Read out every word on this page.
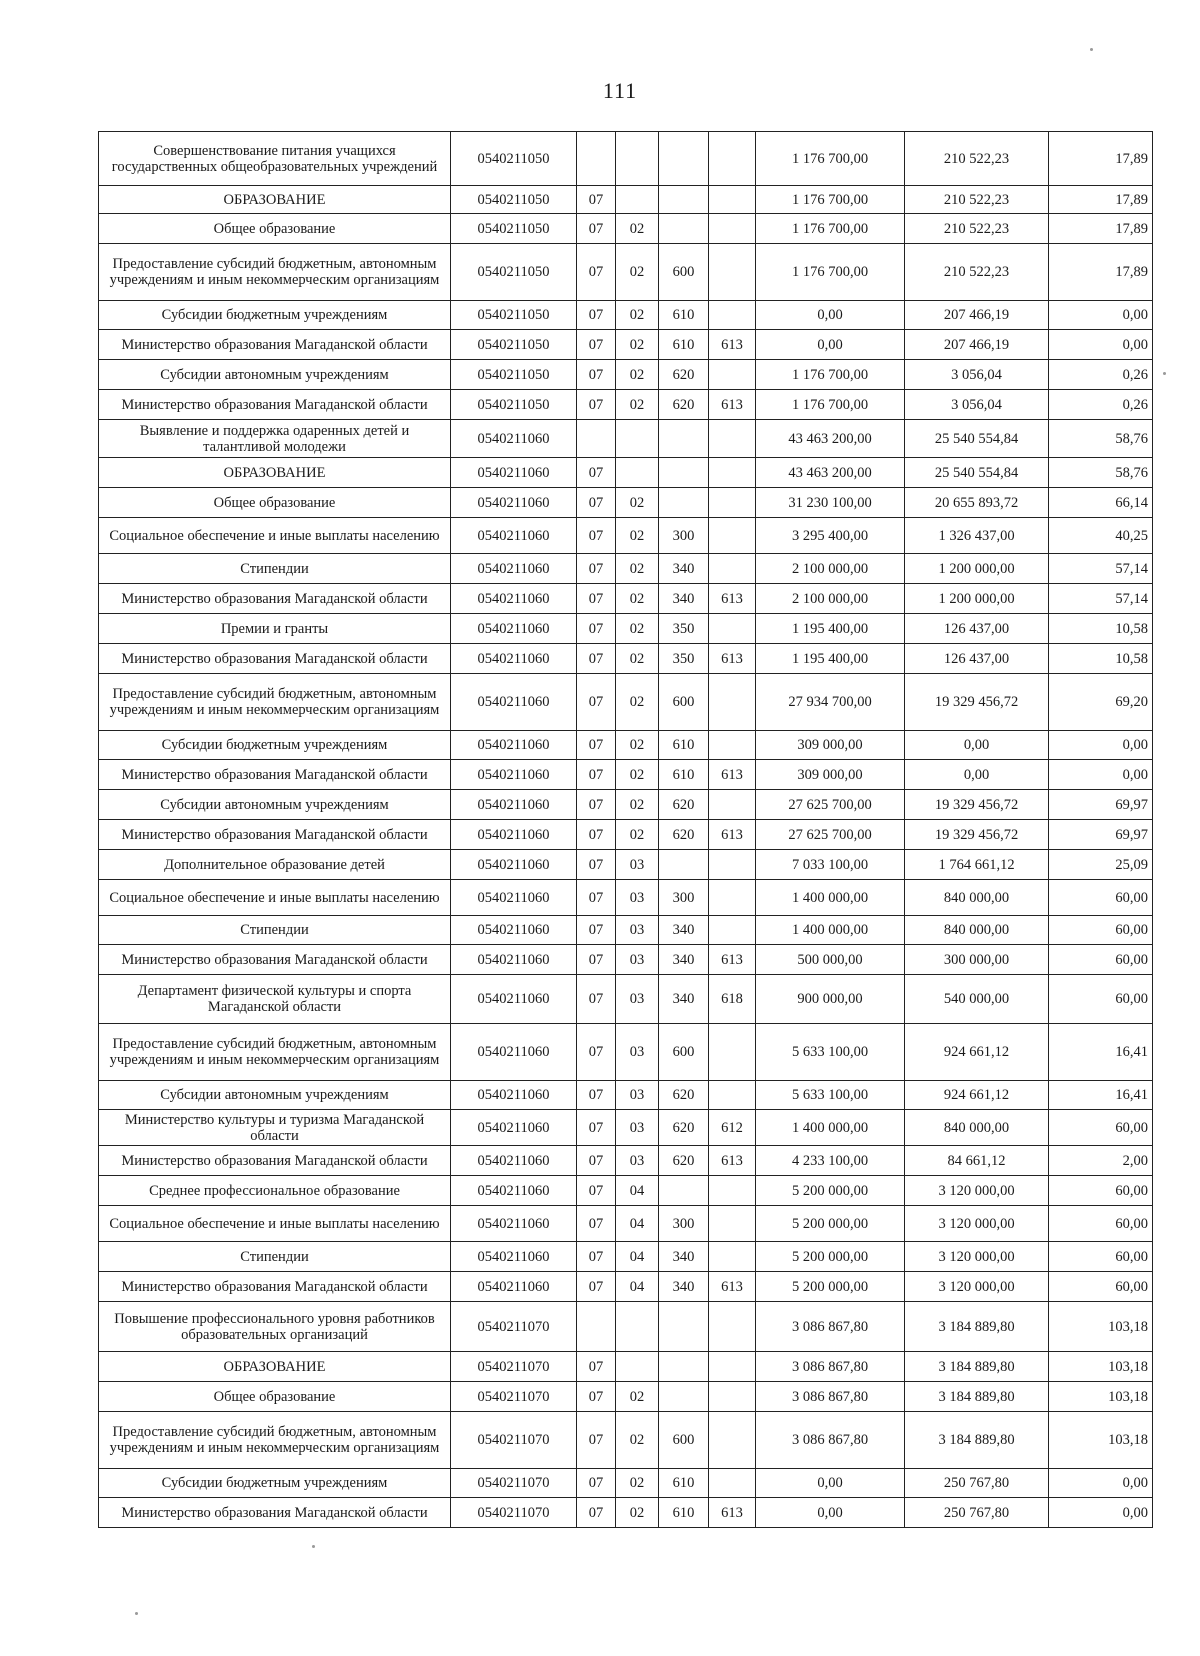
111
Совершенствование питания учащихся государственных общеобразовательных учреждений	0540211050					1 176 700,00	210 522,23	17,89
ОБРАЗОВАНИЕ	0540211050	07				1 176 700,00	210 522,23	17,89
Общее образование	0540211050	07	02			1 176 700,00	210 522,23	17,89
Предоставление субсидий бюджетным, автономным учреждениям и иным некоммерческим организациям	0540211050	07	02	600		1 176 700,00	210 522,23	17,89
Субсидии бюджетным учреждениям	0540211050	07	02	610		0,00	207 466,19	0,00
Министерство образования Магаданской области	0540211050	07	02	610	613	0,00	207 466,19	0,00
Субсидии автономным учреждениям	0540211050	07	02	620		1 176 700,00	3 056,04	0,26
Министерство образования Магаданской области	0540211050	07	02	620	613	1 176 700,00	3 056,04	0,26
Выявление и поддержка одаренных детей и талантливой молодежи	0540211060					43 463 200,00	25 540 554,84	58,76
ОБРАЗОВАНИЕ	0540211060	07				43 463 200,00	25 540 554,84	58,76
Общее образование	0540211060	07	02			31 230 100,00	20 655 893,72	66,14
Социальное обеспечение и иные выплаты населению	0540211060	07	02	300		3 295 400,00	1 326 437,00	40,25
Стипендии	0540211060	07	02	340		2 100 000,00	1 200 000,00	57,14
Министерство образования Магаданской области	0540211060	07	02	340	613	2 100 000,00	1 200 000,00	57,14
Премии и гранты	0540211060	07	02	350		1 195 400,00	126 437,00	10,58
Министерство образования Магаданской области	0540211060	07	02	350	613	1 195 400,00	126 437,00	10,58
Предоставление субсидий бюджетным, автономным учреждениям и иным некоммерческим организациям	0540211060	07	02	600		27 934 700,00	19 329 456,72	69,20
Субсидии бюджетным учреждениям	0540211060	07	02	610		309 000,00	0,00	0,00
Министерство образования Магаданской области	0540211060	07	02	610	613	309 000,00	0,00	0,00
Субсидии автономным учреждениям	0540211060	07	02	620		27 625 700,00	19 329 456,72	69,97
Министерство образования Магаданской области	0540211060	07	02	620	613	27 625 700,00	19 329 456,72	69,97
Дополнительное образование детей	0540211060	07	03			7 033 100,00	1 764 661,12	25,09
Социальное обеспечение и иные выплаты населению	0540211060	07	03	300		1 400 000,00	840 000,00	60,00
Стипендии	0540211060	07	03	340		1 400 000,00	840 000,00	60,00
Министерство образования Магаданской области	0540211060	07	03	340	613	500 000,00	300 000,00	60,00
Департамент физической культуры и спорта Магаданской области	0540211060	07	03	340	618	900 000,00	540 000,00	60,00
Предоставление субсидий бюджетным, автономным учреждениям и иным некоммерческим организациям	0540211060	07	03	600		5 633 100,00	924 661,12	16,41
Субсидии автономным учреждениям	0540211060	07	03	620		5 633 100,00	924 661,12	16,41
Министерство культуры и туризма Магаданской области	0540211060	07	03	620	612	1 400 000,00	840 000,00	60,00
Министерство образования Магаданской области	0540211060	07	03	620	613	4 233 100,00	84 661,12	2,00
Среднее профессиональное образование	0540211060	07	04			5 200 000,00	3 120 000,00	60,00
Социальное обеспечение и иные выплаты населению	0540211060	07	04	300		5 200 000,00	3 120 000,00	60,00
Стипендии	0540211060	07	04	340		5 200 000,00	3 120 000,00	60,00
Министерство образования Магаданской области	0540211060	07	04	340	613	5 200 000,00	3 120 000,00	60,00
Повышение профессионального уровня работников образовательных организаций	0540211070					3 086 867,80	3 184 889,80	103,18
ОБРАЗОВАНИЕ	0540211070	07				3 086 867,80	3 184 889,80	103,18
Общее образование	0540211070	07	02			3 086 867,80	3 184 889,80	103,18
Предоставление субсидий бюджетным, автономным учреждениям и иным некоммерческим организациям	0540211070	07	02	600		3 086 867,80	3 184 889,80	103,18
Субсидии бюджетным учреждениям	0540211070	07	02	610		0,00	250 767,80	0,00
Министерство образования Магаданской области	0540211070	07	02	610	613	0,00	250 767,80	0,00
